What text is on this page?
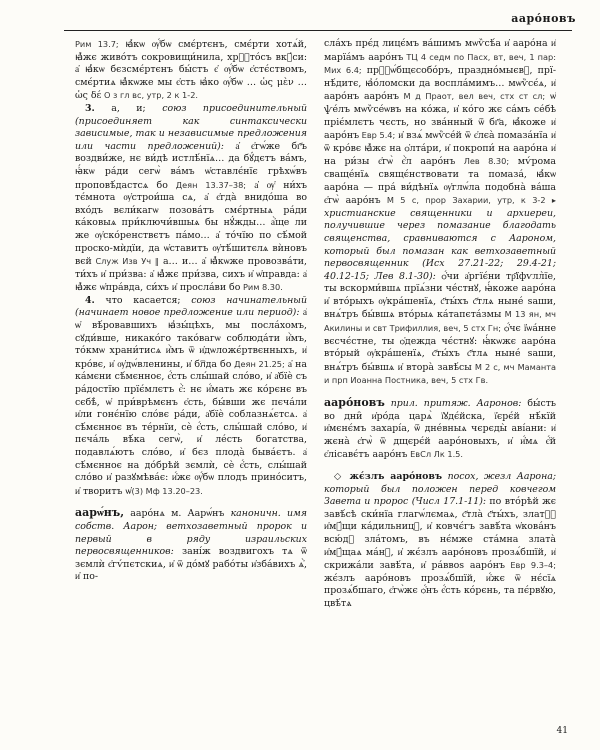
ааро́новъ

Рим 13.7; ꙗ҆́кѡ ѹ҆́бѡ смє́ртєнъ, смє́рти хотѧ́й, ꙗ҆̀жє живо́тъ сокровищи́нила, хрⷭ҇то́съ вкꙋ́си: а҆ ꙗ҆́кѡ бєзсмє́ртєнъ бы́стъ є҆ ѹ҆́бѡ є҆стє́ствомъ, смє́ртиѧ ꙗ҆̀кѡже мы є҆сть ꙗ҆ко ѹ҆́бѡ … ὡς μὲν … ὡς δέ О з гл вс, утр, 2 к 1-2.

3. а, и; союз присоединительный (присоединяет как синтаксически зависимые, так и независимые предложения или части предложений): а҆ є҆гѡ́же бг҃ъ воздви́же, нє ви́дѣ истлѣ́нїѧ… да бꙋ́дєтъ ва́мъ, ꙗ҆́кѡ ра́ди сегѡ̀ ва́мъ ѡ҆ставлє́нїє грѣхѡ́въ проповѣ́дастсѧ бо Деян 13.37–38; а҆ ѹ҆ ни́хъ тє́мнота ѹ҆строи́ша сѧ, а҆ є҆гда̀ внидо́ша во вхо́дъ вєли́кагѡ позова́тъ смє́ртныѧ ра́ди ка́ковыѧ при́ключи́вшыѧ бы нꙋ́жды… а҆̀ще ли же ѹ҆ско́ренствєтъ па́мо… а҆ то́чїю по сѣ́мой проско-мѝдїи, да ѡ҆ставитъ ѹ҆тѣ́шитєлѧ вѝновъ вєй Служ Изв Уч ‖ а… и… а҆ ꙗ҆̀кѡже провозва́ти, ти́хъ и҆ при́зва: а҆ ꙗ҆̀жє при́зва, сихъ и҆ ѡ҆правда: а҆ ꙗ҆̀жє ѡ҆пра́вда, си́хъ и҆ просла́ви бо Рим 8.30.

4. что касается; союз начинательный (начинает новое предложение или период): а҆ ѡ҆ вѣ́ровавшихъ ꙗ҆зы́цѣхъ, мы посла́хомъ, сꙋди́вше, никако́го тако́вагѡ соблюда́ти и҆̀мъ, то́кмѡ храни́тисѧ и҆̀мъ ѿ и҆дѡложє́ртвєнныхъ, и҆ кро́вє, и҆ ѹ҆дѡ́вленины, и҆ бл꙯да бо Деян 21.25; а҆ на ка́мєни сѣ́мєнноє, є҆́сть слы́шай сло́во, и҆ а҆бїѐ съ ра́достїю прїє́млєтъ є҆̀: нє и҆́мать жє ко́рєнє въ сєбѣ̀, ѡ҆ при́врѣмєнъ є҆сть, бы́вши жє пєча́ли и҆ли гонє́нїю сло́вє ра́ди, а҆бїѐ соблазнѧ́єтсѧ. а҆ сѣ́мєнноє въ те́рнїи, сѐ є҆́сть, слы́шай сло́во, и҆ пєча́ль вѣ́ка сегѡ̀, и҆ ле́сть богатства, подавлѧ́ютъ сло́во, и҆ бєз плода̀ быва́єтъ. а҆ сѣ́мєнноє на до́брѣй зємлѝ, сѐ є҆́сть, слы́шай сло́во и҆ разꙋмѣва́є: и҆́жє ѹ҆́бѡ плодъ прино́ситъ, и҆ творитъ ѡ҆(3) Мф 13.20–23.

аарѡ́нъ, ааро́нѧ м. Аарѡ́нъ каноничн. имя собств. Аарон; ветхозаветный пророк и первый в ряду израильских первосвященников: зані́ж воздвигохъ тѧ ѿ зємлѝ є҆гѵ́пєтскиѧ, и҆ ѿ до́мꙋ рабо́ты и҆зба́вихъ ѧ҆̀, и҆ по-

сла́хъ прє́д лицє́мъ ва́шимъ мѡѷсѣ́а и҆ ааро́на и҆ марїа́мъ ааро́нъ ТЦ 4 седм по Пасх, вт, веч, 1 пар: Мих 6.4; прⷭ҇ѡ́бщєсобо́ръ, праздно́мыєвꙋ, прї-нѣ́дитє, ꙗ҆о́ломски да воспла́мимъ… мѡѷсє́ѧ, и҆ ааро́нъ ааро́нъ М д Праот, вел веч, стх ст сл; ѡ҆ ѱе́лъ мѡѷсе́ѡвъ на ко́жа, и҆ ко́го жє са́мъ се́бѣ пріє́млєтъ чєсть, но зва́нный ѿ бг҃а, ꙗ҆́коже и҆ ааро́нъ Евр 5.4; и҆ взѧ́ мѡѷсе́й ѿ є҆лєа̀ помаза́нїа и҆ ѿ кро́вє ꙗ҆̀жє на ѻ҆лта́ри, и҆ покропи́ на ааро́на и҆ на ри́зы є҆гѡ̀ є҆̀л ааро́нъ Лев 8.30; мѵ́рома сваще́нїѧ свящє́нствовати та помаза́, ꙗ҆́кѡ ааро́на — пра́ ви́дѣнїѧ ѹ҆глѡ́ла подобна̀ ва́ша є҆гѡ̀ ааро́нъ М 5 с, прор Захарии, утр, к 3-2 ▸ христианские священники и архиереи, получившие через помазание благодать священства, сравниваются с Аароном, который был помазан как ветхозаветный первосвященник (Исх 27.21-22; 29.4-21; 40.12-15; Лев 8.1-30): ѻ҆́чи а҆ргїє́ни тр҃їфѵлл̀їе, ты вскорми́вшѧ прїѧ́зни че́стнꙋ, ꙗ҆́коже ааро́на и҆ вто́рыхъ ѹ҆кра́шенїѧ, с҃ты́хъ с҃тлѧ ныне́ ѕаши, внѧ́тръ бы́вшѧ вто́рыѧ ка́тапєта́змы М 13 ян, мч Акилины и свт Трифиллия, веч, 5 стх Гн; ѻ҆́чє ї҆ѡа́нне вєсчє́стне, ты ѻ҆дежда чє́стнꙋ: ꙗ҆́кѡжє ааро́на вто́рый ѹ҆кра́шенїѧ, с҃ты́хъ с҃тлѧ ныне́ ѕаши, внѧ́тръ бы́вшѧ и҆ втора̀ завѣ́сы М 2 с, мч Маманта и прп Иоанна Постника, веч, 5 стх Гв.

ааро́новъ прил. притяж. Ааронов: бы́сть во дни̑ и҆ро́да царѧ̀ ї҆ꙋдє́йска, ї҆єрє́й нѣ́кїй и҆мєнє́мъ захарі́а, ѿ дне́вныѧ чєрєды̀ аві́ани: и҆ жєна̀ є҆гѡ̀ ѿ дщєрє́й ааро́новыхъ, и҆ и҆́мѧ є҆́й є҆лісавє́тъ ааро́нъ ЕвСл Лк 1.5.

◇ жє́злъ ааро́новъ посох, жезл Аарона; который был положен перед ковчегом Завета и пророс (Числ 17.1-11): по вто́рѣй жє завѣ́сѣ ски́нїа глагѡ́лємаѧ, с҃тла̀ с҃ты́хъ, злат꙯ꙋ и҆мꙋ́щи ка́дильницꙋ, и҆ ковчє́гъ завѣ́та ѡ҆кова́нъ всю́дꙋ зла́томъ, въ нє́мже ста́мна злата̀ и҆мꙋ́щаѧ ма́нꙋ, и҆ жє́злъ ааро́новъ прозѧ́бшїй, и҆ скрижа́ли завѣ́та, и҆ ра́ввоѕ ааро́нъ Евр 9.3–4; жє́злъ ааро́новъ прозѧ́бшїй, и҆́жє ѿ нє́сїѧ прозѧ́бшаго, є҆гѡ̀жє ѻ҆́нъ є҆́сть ко́рєнь, та пє́рвꙋю, цвѣ́тѧ

41
